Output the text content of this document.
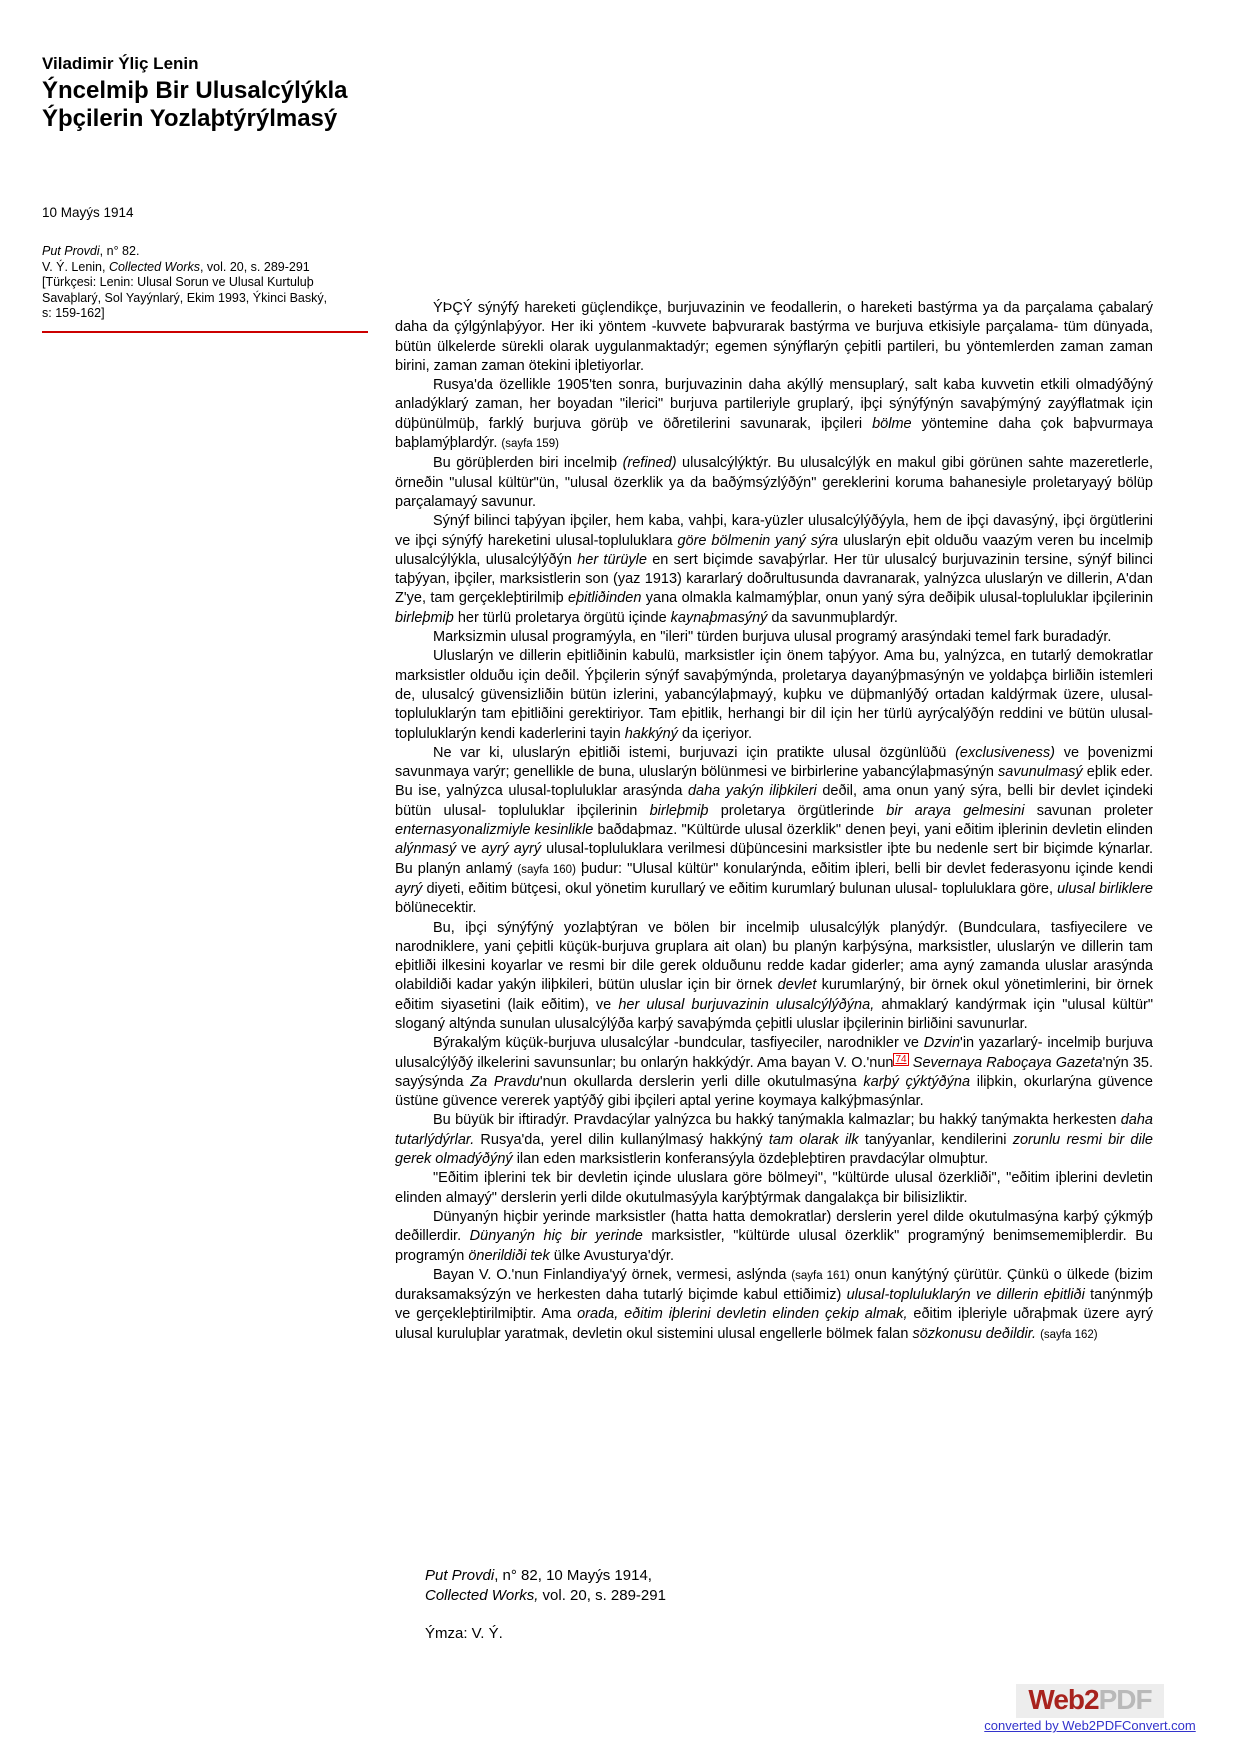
Viladimir Ýliç Lenin

Ýncelmiþ Bir Ulusalcýlýkla

Ýþçilerin Yozlaþtýrýlmasý

10 Mayýs 1914

Put Provdi, n° 82.
V. Ý. Lenin, Collected Works, vol. 20, s. 289-291
[Türkçesi: Lenin: Ulusal Sorun ve Ulusal Kurtuluþ
Savaþlarý, Sol Yayýnlarý, Ekim 1993, Ýkinci Baský,
s: 159-162]	ÝÞÇÝ sýnýfý hareketi güçlendikçe, burjuvazinin ve feodallerin, o hareketi bastýrma ya da parçalama çabalarý daha da çýlgýnlaþýyor. Her iki yöntem -kuvvete baþvurarak bastýrma ve burjuva etkisiyle parçalama- tüm dünyada, bütün ülkelerde sürekli olarak uygulanmaktadýr; egemen sýnýflarýn çeþitli partileri, bu yöntemlerden zaman zaman birini, zaman zaman ötekini iþletiyorlar.

Rusya'da özellikle 1905'ten sonra, burjuvazinin daha akýllý mensuplarý, salt kaba kuvvetin etkili olmadýðýný anladýklarý zaman, her boyadan "ilerici" burjuva partileriyle gruplarý, iþçi sýnýfýnýn savaþýmýný zayýflatmak için düþünülmüþ, farklý burjuva görüþ ve öðretilerini savunarak, iþçileri bölme yöntemine daha çok baþvurmaya baþlamýþlardýr. (sayfa 159)

Bu görüþlerden biri incelmiþ (refined) ulusalcýlýktýr. Bu ulusalcýlýk en makul gibi görünen sahte mazeretlerle, örneðin "ulusal kültür"ün, "ulusal özerklik ya da baðýmsýzlýðýn" gereklerini koruma bahanesiyle proletaryayý bölüp parçalamayý savunur.

Sýnýf bilinci taþýyan iþçiler, hem kaba, vahþi, kara-yüzler ulusalcýlýðýyla, hem de iþçi davasýný, iþçi örgütlerini ve iþçi sýnýfý hareketini ulusal-topluluklara göre bölmenin yaný sýra uluslarýn eþit olduðu vaazým veren bu incelmiþ ulusalcýlýkla, ulusalcýlýðýn her türüyle en sert biçimde savaþýrlar. Her tür ulusalcý burjuvazinin tersine, sýnýf bilinci taþýyan, iþçiler, marksistlerin son (yaz 1913) kararlarý doðrultusunda davranarak, yalnýzca uluslarýn ve dillerin, A'dan Z'ye, tam gerçekleþtirilmiþ eþitliðinden yana olmakla kalmamýþlar, onun yaný sýra deðiþik ulusal-topluluklar iþçilerinin birleþmiþ her türlü proletarya örgütü içinde kaynaþmasýný da savunmuþlardýr.

Marksizmin ulusal programýyla, en "ileri" türden burjuva ulusal programý arasýndaki temel fark buradadýr.

Uluslarýn ve dillerin eþitliðinin kabulü, marksistler için önem taþýyor. Ama bu, yalnýzca, en tutarlý demokratlar marksistler olduðu için deðil. Ýþçilerin sýnýf savaþýmýnda, proletarya dayanýþmasýnýn ve yoldaþça birliðin istemleri de, ulusalcý güvensizliðin bütün izlerini, yabancýlaþmayý, kuþku ve düþmanlýðý ortadan kaldýrmak üzere, ulusal-topluluklarýn tam eþitliðini gerektiriyor. Tam eþitlik, herhangi bir dil için her türlü ayrýcalýðýn reddini ve bütün ulusal-topluluklarýn kendi kaderlerini tayin hakkýný da içeriyor.

Ne var ki, uluslarýn eþitliði istemi, burjuvazi için pratikte ulusal özgünlüðü (exclusiveness) ve þovenizmi savunmaya varýr; genellikle de buna, uluslarýn bölünmesi ve birbirlerine yabancýlaþmasýnýn savunulmasý eþlik eder. Bu ise, yalnýzca ulusal-topluluklar arasýnda daha yakýn iliþkileri deðil, ama onun yaný sýra, belli bir devlet içindeki bütün ulusal- topluluklar iþçilerinin birleþmiþ proletarya örgütlerinde bir araya gelmesini savunan proleter enternasyonalizmiyle kesinlikle baðdaþmaz. "Kültürde ulusal özerklik" denen þeyi, yani eðitim iþlerinin devletin elinden alýnmasý ve ayrý ayrý ulusal-topluluklara verilmesi düþüncesini marksistler iþte bu nedenle sert bir biçimde kýnarlar. Bu planýn anlamý (sayfa 160) þudur: "Ulusal kültür" konularýnda, eðitim iþleri, belli bir devlet federasyonu içinde kendi ayrý diyeti, eðitim bütçesi, okul yönetim kurullarý ve eðitim kurumlarý bulunan ulusal- topluluklara göre, ulusal birliklere bölünecektir.

Bu, iþçi sýnýfýný yozlaþtýran ve bölen bir incelmiþ ulusalcýlýk planýdýr. (Bundculara, tasfiyecilere ve narodniklere, yani çeþitli küçük-burjuva gruplara ait olan) bu planýn karþýsýna, marksistler, uluslarýn ve dillerin tam eþitliði ilkesini koyarlar ve resmi bir dile gerek olduðunu redde kadar giderler; ama ayný zamanda uluslar arasýnda olabildiði kadar yakýn iliþkileri, bütün uluslar için bir örnek devlet kurumlarýný, bir örnek okul yönetimlerini, bir örnek eðitim siyasetini (laik eðitim), ve her ulusal burjuvazinin ulusalcýlýðýna, ahmaklarý kandýrmak için "ulusal kültür" sloganý altýnda sunulan ulusalcýlýða karþý savaþýmda çeþitli uluslar iþçilerinin birliðini savunurlar.

Býrakalým küçük-burjuva ulusalcýlar -bundcular, tasfiyeciler, narodnikler ve Dzvin'in yazarlarý- incelmiþ burjuva ulusalcýlýðý ilkelerini savunsunlar; bu onlarýn hakkýdýr. Ama bayan V. O.'nun $^{74}$ Severnaya Raboçaya Gazeta'nýn 35. sayýsýnda Za Pravdu'nun okullarda derslerin yerli dille okutulmasýna karþý çýktýðýna iliþkin, okurlarýna güvence üstüne güvence vererek yaptýðý gibi iþçileri aptal yerine koymaya kalkýþmasýnlar.

Bu büyük bir iftiradýr. Pravdacýlar yalnýzca bu hakký tanýmakla kalmazlar; bu hakký tanýmakta herkesten daha tutarlýdýrlar. Rusya'da, yerel dilin kullanýlmasý hakkýný tam olarak ilk tanýyanlar, kendilerini zorunlu resmi bir dile gerek olmadýðýný ilan eden marksistlerin konferansýyla özdeþleþtiren pravdacýlar olmuþtur.

"Eðitim iþlerini tek bir devletin içinde uluslara göre bölmeyi", "kültürde ulusal özerkliði", "eðitim iþlerini devletin elinden almayý" derslerin yerli dilde okutulmasýyla karýþtýrmak dangalakça bir bilisizliktir.

Dünyanýn hiçbir yerinde marksistler (hatta hatta demokratlar) derslerin yerel dilde okutulmasýna karþý çýkmýþ deðillerdir. Dünyanýn hiç bir yerinde marksistler, "kültürde ulusal özerklik" programýný benimsememiþlerdir. Bu programýn önerildiði tek ülke Avusturya'dýr.

Bayan V. O.'nun Finlandiya'yý örnek, vermesi, aslýnda (sayfa 161) onun kanýtýný çürütür. Çünkü o ülkede (bizim duraksamaksýzýn ve herkesten daha tutarlý biçimde kabul ettiðimiz) ulusal-topluluklarýn ve dillerin eþitliði tanýnmýþ ve gerçekleþtirilmiþtir. Ama orada, eðitim iþlerini devletin elinden çekip almak, eðitim iþleriyle uðraþmak üzere ayrý ulusal kuruluþlar yaratmak, devletin okul sistemini ulusal engellerle bölmek falan sözkonusu deðildir. (sayfa 162)

Put Provdi, n° 82, 10 Mayýs 1914,
Collected Works, vol. 20, s. 289-291
Ýmza: V. Ý.
Web2PDF
converted by Web2PDFConvert.com
